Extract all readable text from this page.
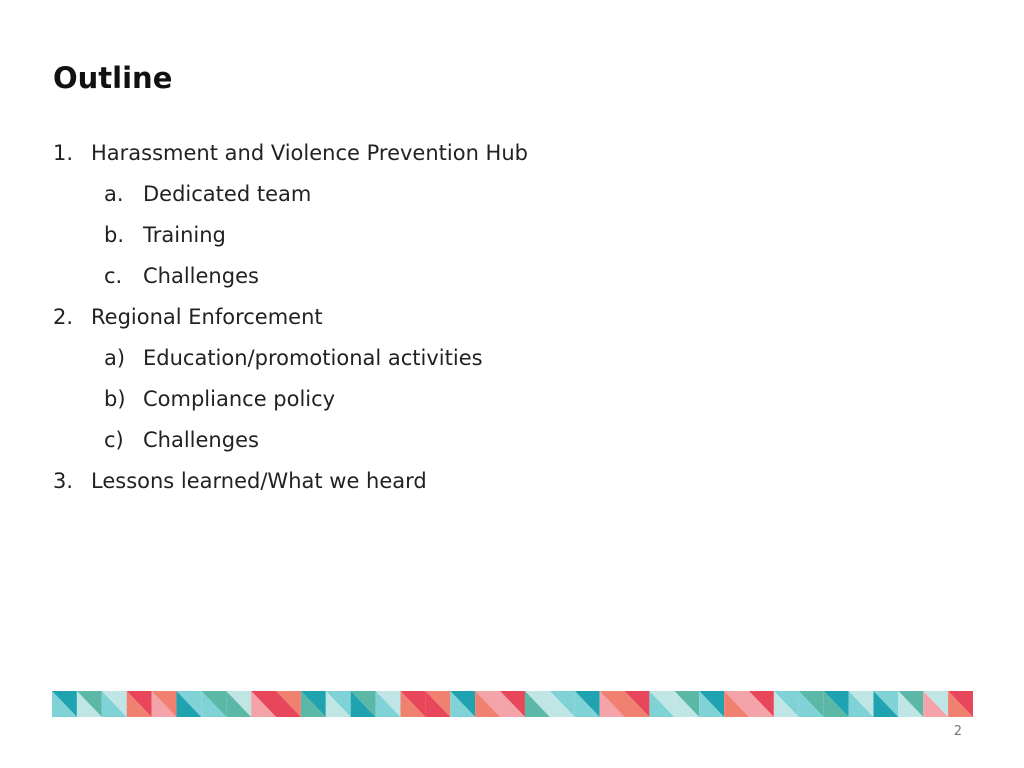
Outline
1. Harassment and Violence Prevention Hub
a. Dedicated team
b. Training
c. Challenges
2. Regional Enforcement
a) Education/promotional activities
b) Compliance policy
c) Challenges
3. Lessons learned/What we heard
2
